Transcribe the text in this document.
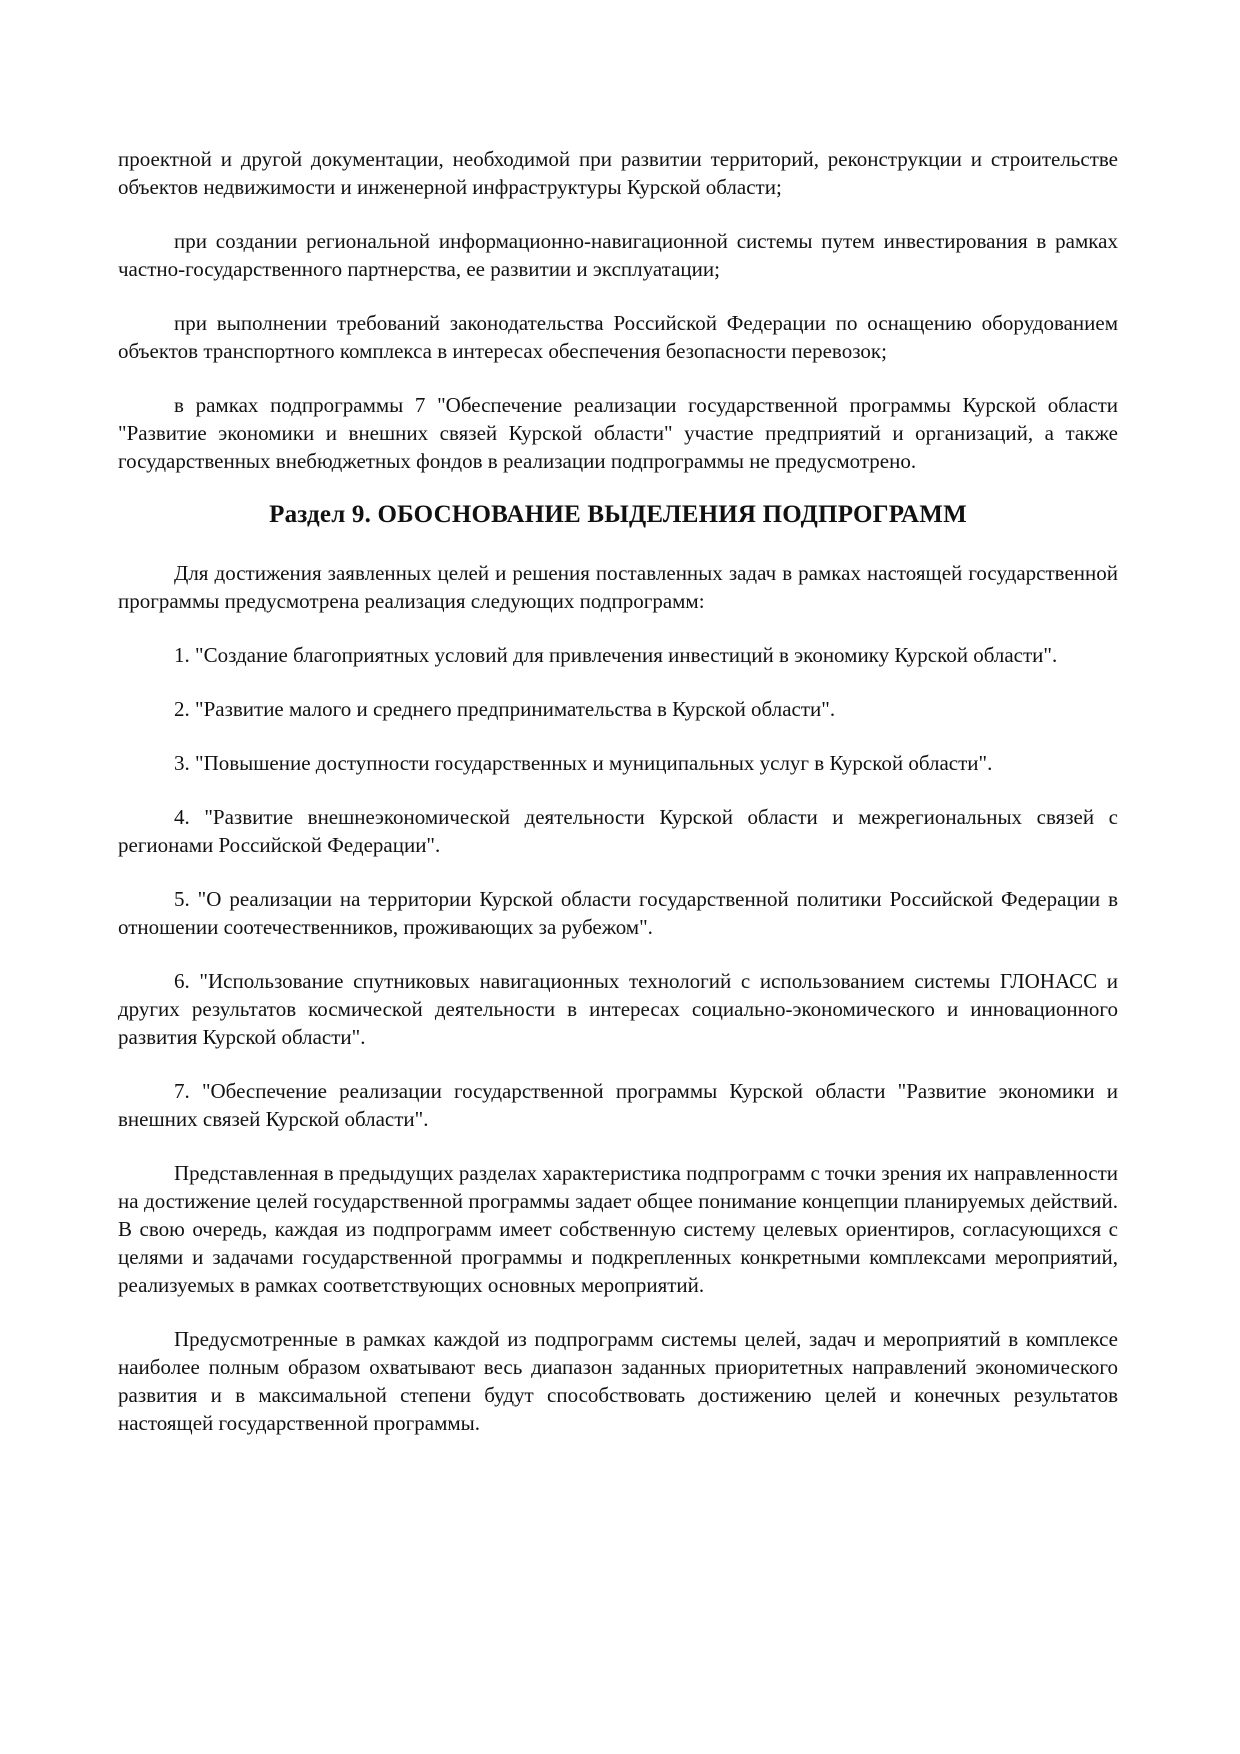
проектной и другой документации, необходимой при развитии территорий, реконструкции и строительстве объектов недвижимости и инженерной инфраструктуры Курской области;

при создании региональной информационно-навигационной системы путем инвестирования в рамках частно-государственного партнерства, ее развитии и эксплуатации;

при выполнении требований законодательства Российской Федерации по оснащению оборудованием объектов транспортного комплекса в интересах обеспечения безопасности перевозок;

в рамках подпрограммы 7 "Обеспечение реализации государственной программы Курской области "Развитие экономики и внешних связей Курской области" участие предприятий и организаций, а также государственных внебюджетных фондов в реализации подпрограммы не предусмотрено.

Раздел 9. ОБОСНОВАНИЕ ВЫДЕЛЕНИЯ ПОДПРОГРАММ

Для достижения заявленных целей и решения поставленных задач в рамках настоящей государственной программы предусмотрена реализация следующих подпрограмм:

1. "Создание благоприятных условий для привлечения инвестиций в экономику Курской области".

2. "Развитие малого и среднего предпринимательства в Курской области".

3. "Повышение доступности государственных и муниципальных услуг в Курской области".

4. "Развитие внешнеэкономической деятельности Курской области и межрегиональных связей с регионами Российской Федерации".

5. "О реализации на территории Курской области государственной политики Российской Федерации в отношении соотечественников, проживающих за рубежом".

6. "Использование спутниковых навигационных технологий с использованием системы ГЛОНАСС и других результатов космической деятельности в интересах социально-экономического и инновационного развития Курской области".

7. "Обеспечение реализации государственной программы Курской области "Развитие экономики и внешних связей Курской области".

Представленная в предыдущих разделах характеристика подпрограмм с точки зрения их направленности на достижение целей государственной программы задает общее понимание концепции планируемых действий. В свою очередь, каждая из подпрограмм имеет собственную систему целевых ориентиров, согласующихся с целями и задачами государственной программы и подкрепленных конкретными комплексами мероприятий, реализуемых в рамках соответствующих основных мероприятий.

Предусмотренные в рамках каждой из подпрограмм системы целей, задач и мероприятий в комплексе наиболее полным образом охватывают весь диапазон заданных приоритетных направлений экономического развития и в максимальной степени будут способствовать достижению целей и конечных результатов настоящей государственной программы.
